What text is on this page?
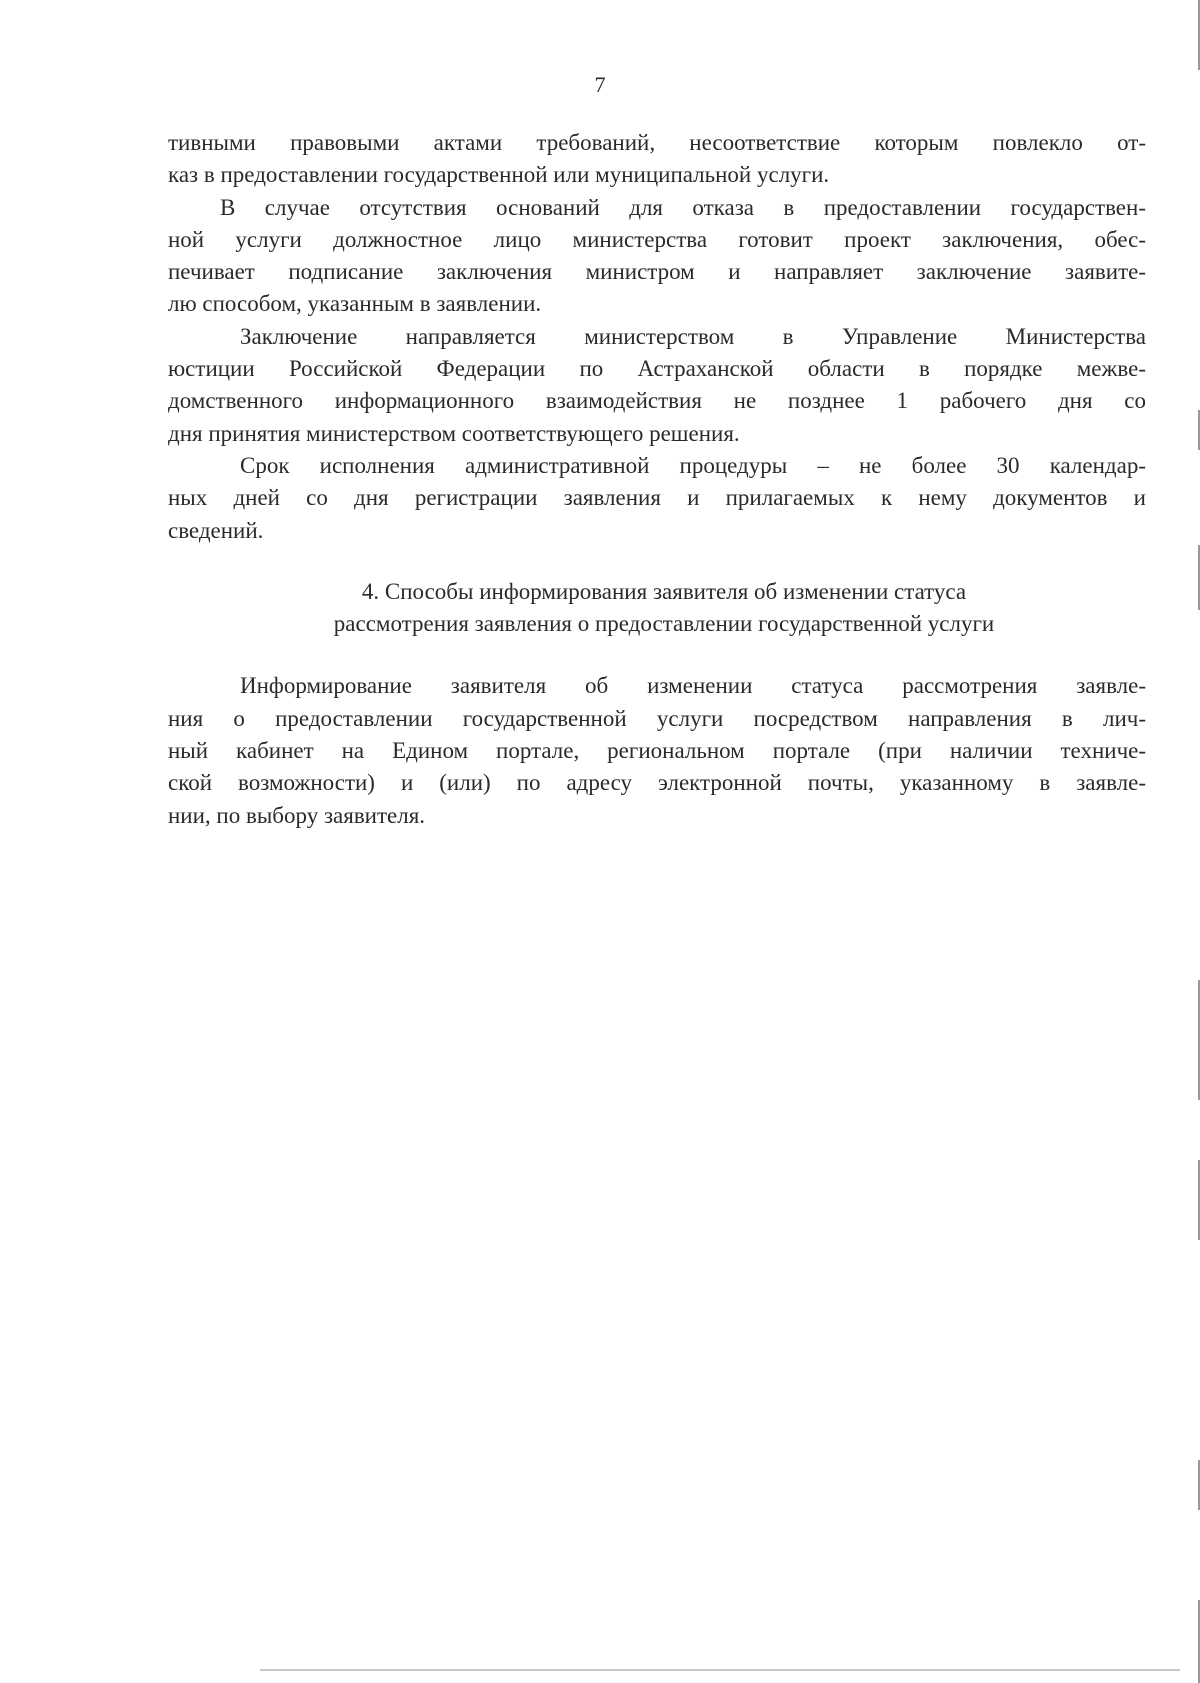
7
тивными правовыми актами требований, несоответствие которым повлекло от-
каз в предоставлении государственной или муниципальной услуги.
В случае отсутствия оснований для отказа в предоставлении государствен-
ной услуги должностное лицо министерства готовит проект заключения, обес-
печивает подписание заключения министром и направляет заключение заявите-
лю способом, указанным в заявлении.
Заключение направляется министерством в Управление Министерства
юстиции Российской Федерации по Астраханской области в порядке межве-
домственного информационного взаимодействия не позднее 1 рабочего дня со
дня принятия министерством соответствующего решения.
Срок исполнения административной процедуры – не более 30 календар-
ных дней со дня регистрации заявления и прилагаемых к нему документов и
сведений.
4. Способы информирования заявителя об изменении статуса
рассмотрения заявления о предоставлении государственной услуги
Информирование заявителя об изменении статуса рассмотрения заявле-
ния о предоставлении государственной услуги посредством направления в лич-
ный кабинет на Едином портале, региональном портале (при наличии техниче-
ской возможности) и (или) по адресу электронной почты, указанному в заявле-
нии, по выбору заявителя.
